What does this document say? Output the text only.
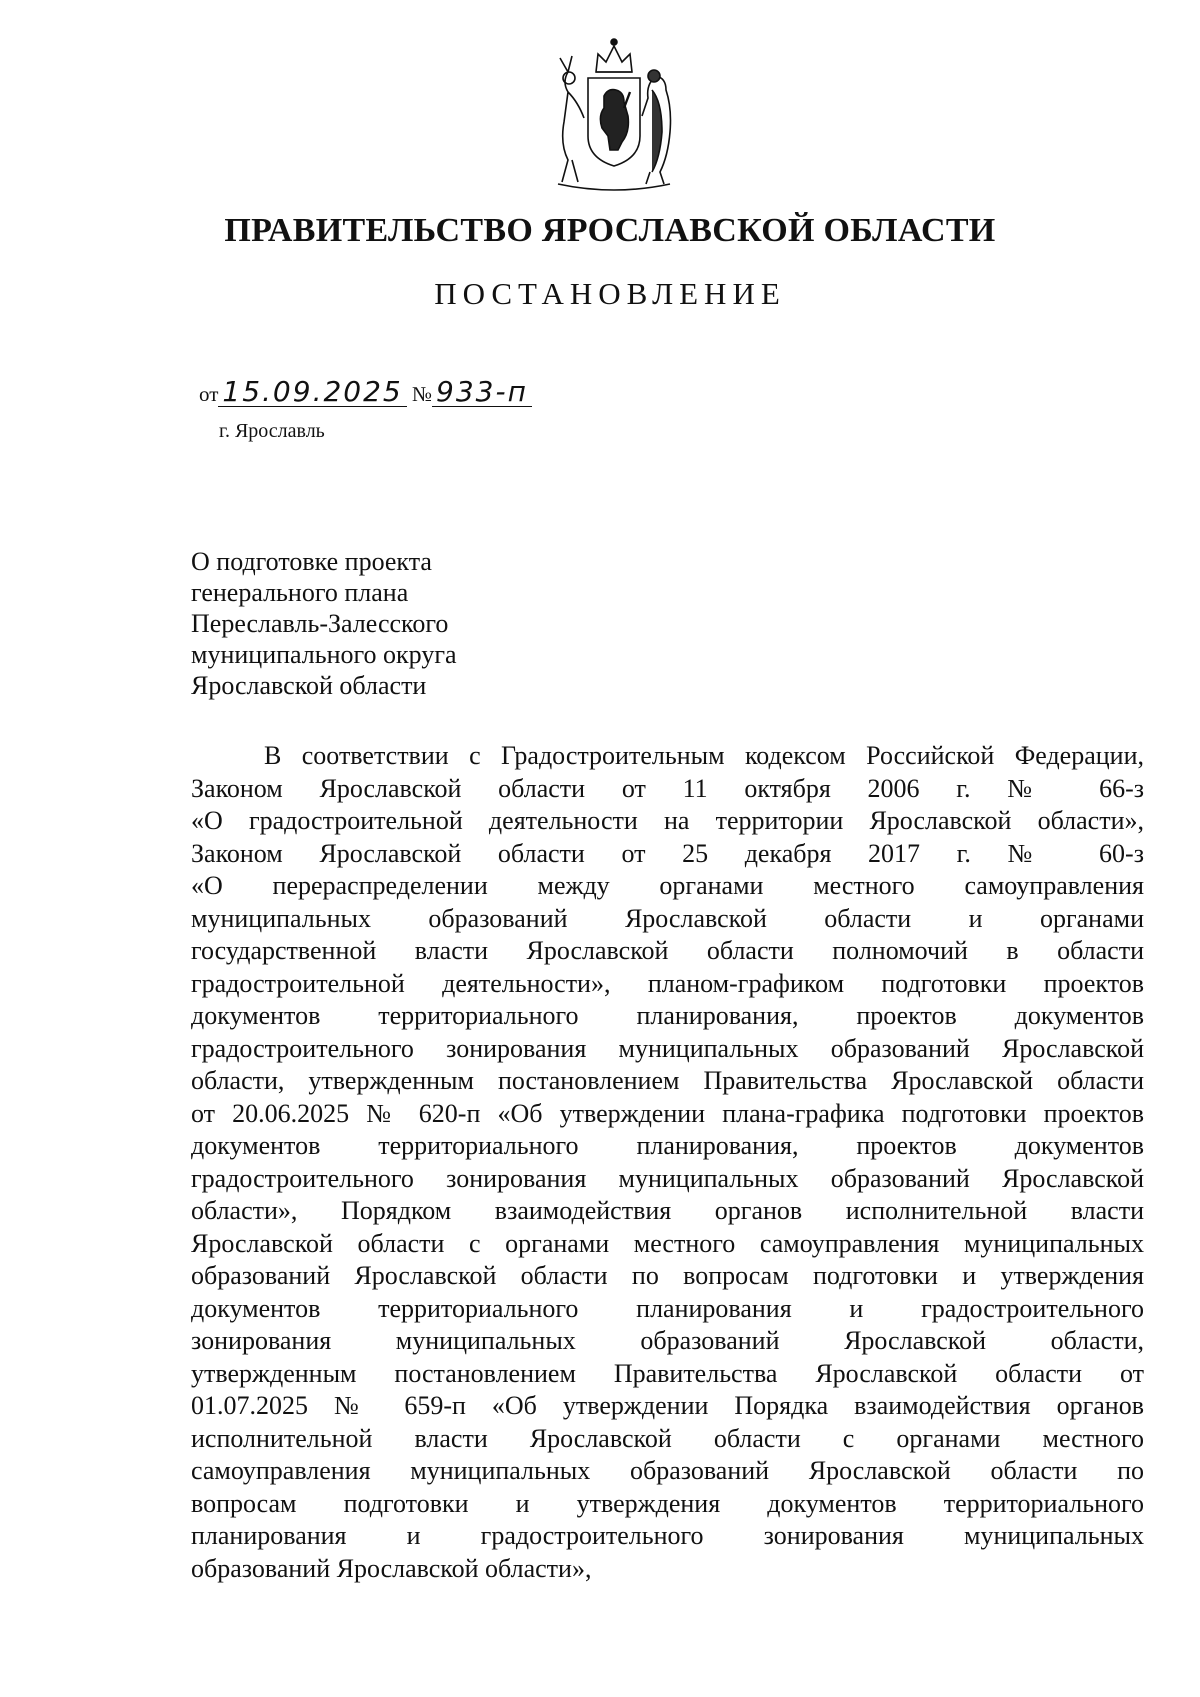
ПРАВИТЕЛЬСТВО ЯРОСЛАВСКОЙ ОБЛАСТИ
ПОСТАНОВЛЕНИЕ
от 15.09.2025 № 933-п
г. Ярославль
О подготовке проекта
генерального плана
Переславль-Залесского
муниципального округа
Ярославской области
В соответствии с Градостроительным кодексом Российской Федерации,
Законом Ярославской области от 11 октября 2006 г. № 66-з
«О градостроительной деятельности на территории Ярославской области»,
Законом Ярославской области от 25 декабря 2017 г. № 60-з
«О перераспределении между органами местного самоуправления
муниципальных образований Ярославской области и органами
государственной власти Ярославской области полномочий в области
градостроительной деятельности», планом-графиком подготовки проектов
документов территориального планирования, проектов документов
градостроительного зонирования муниципальных образований Ярославской
области, утвержденным постановлением Правительства Ярославской области
от 20.06.2025 № 620-п «Об утверждении плана-графика подготовки проектов
документов территориального планирования, проектов документов
градостроительного зонирования муниципальных образований Ярославской
области», Порядком взаимодействия органов исполнительной власти
Ярославской области с органами местного самоуправления муниципальных
образований Ярославской области по вопросам подготовки и утверждения
документов территориального планирования и градостроительного
зонирования муниципальных образований Ярославской области,
утвержденным постановлением Правительства Ярославской области от
01.07.2025 № 659-п «Об утверждении Порядка взаимодействия органов
исполнительной власти Ярославской области с органами местного
самоуправления муниципальных образований Ярославской области по
вопросам подготовки и утверждения документов территориального
планирования и градостроительного зонирования муниципальных
образований Ярославской области»,
